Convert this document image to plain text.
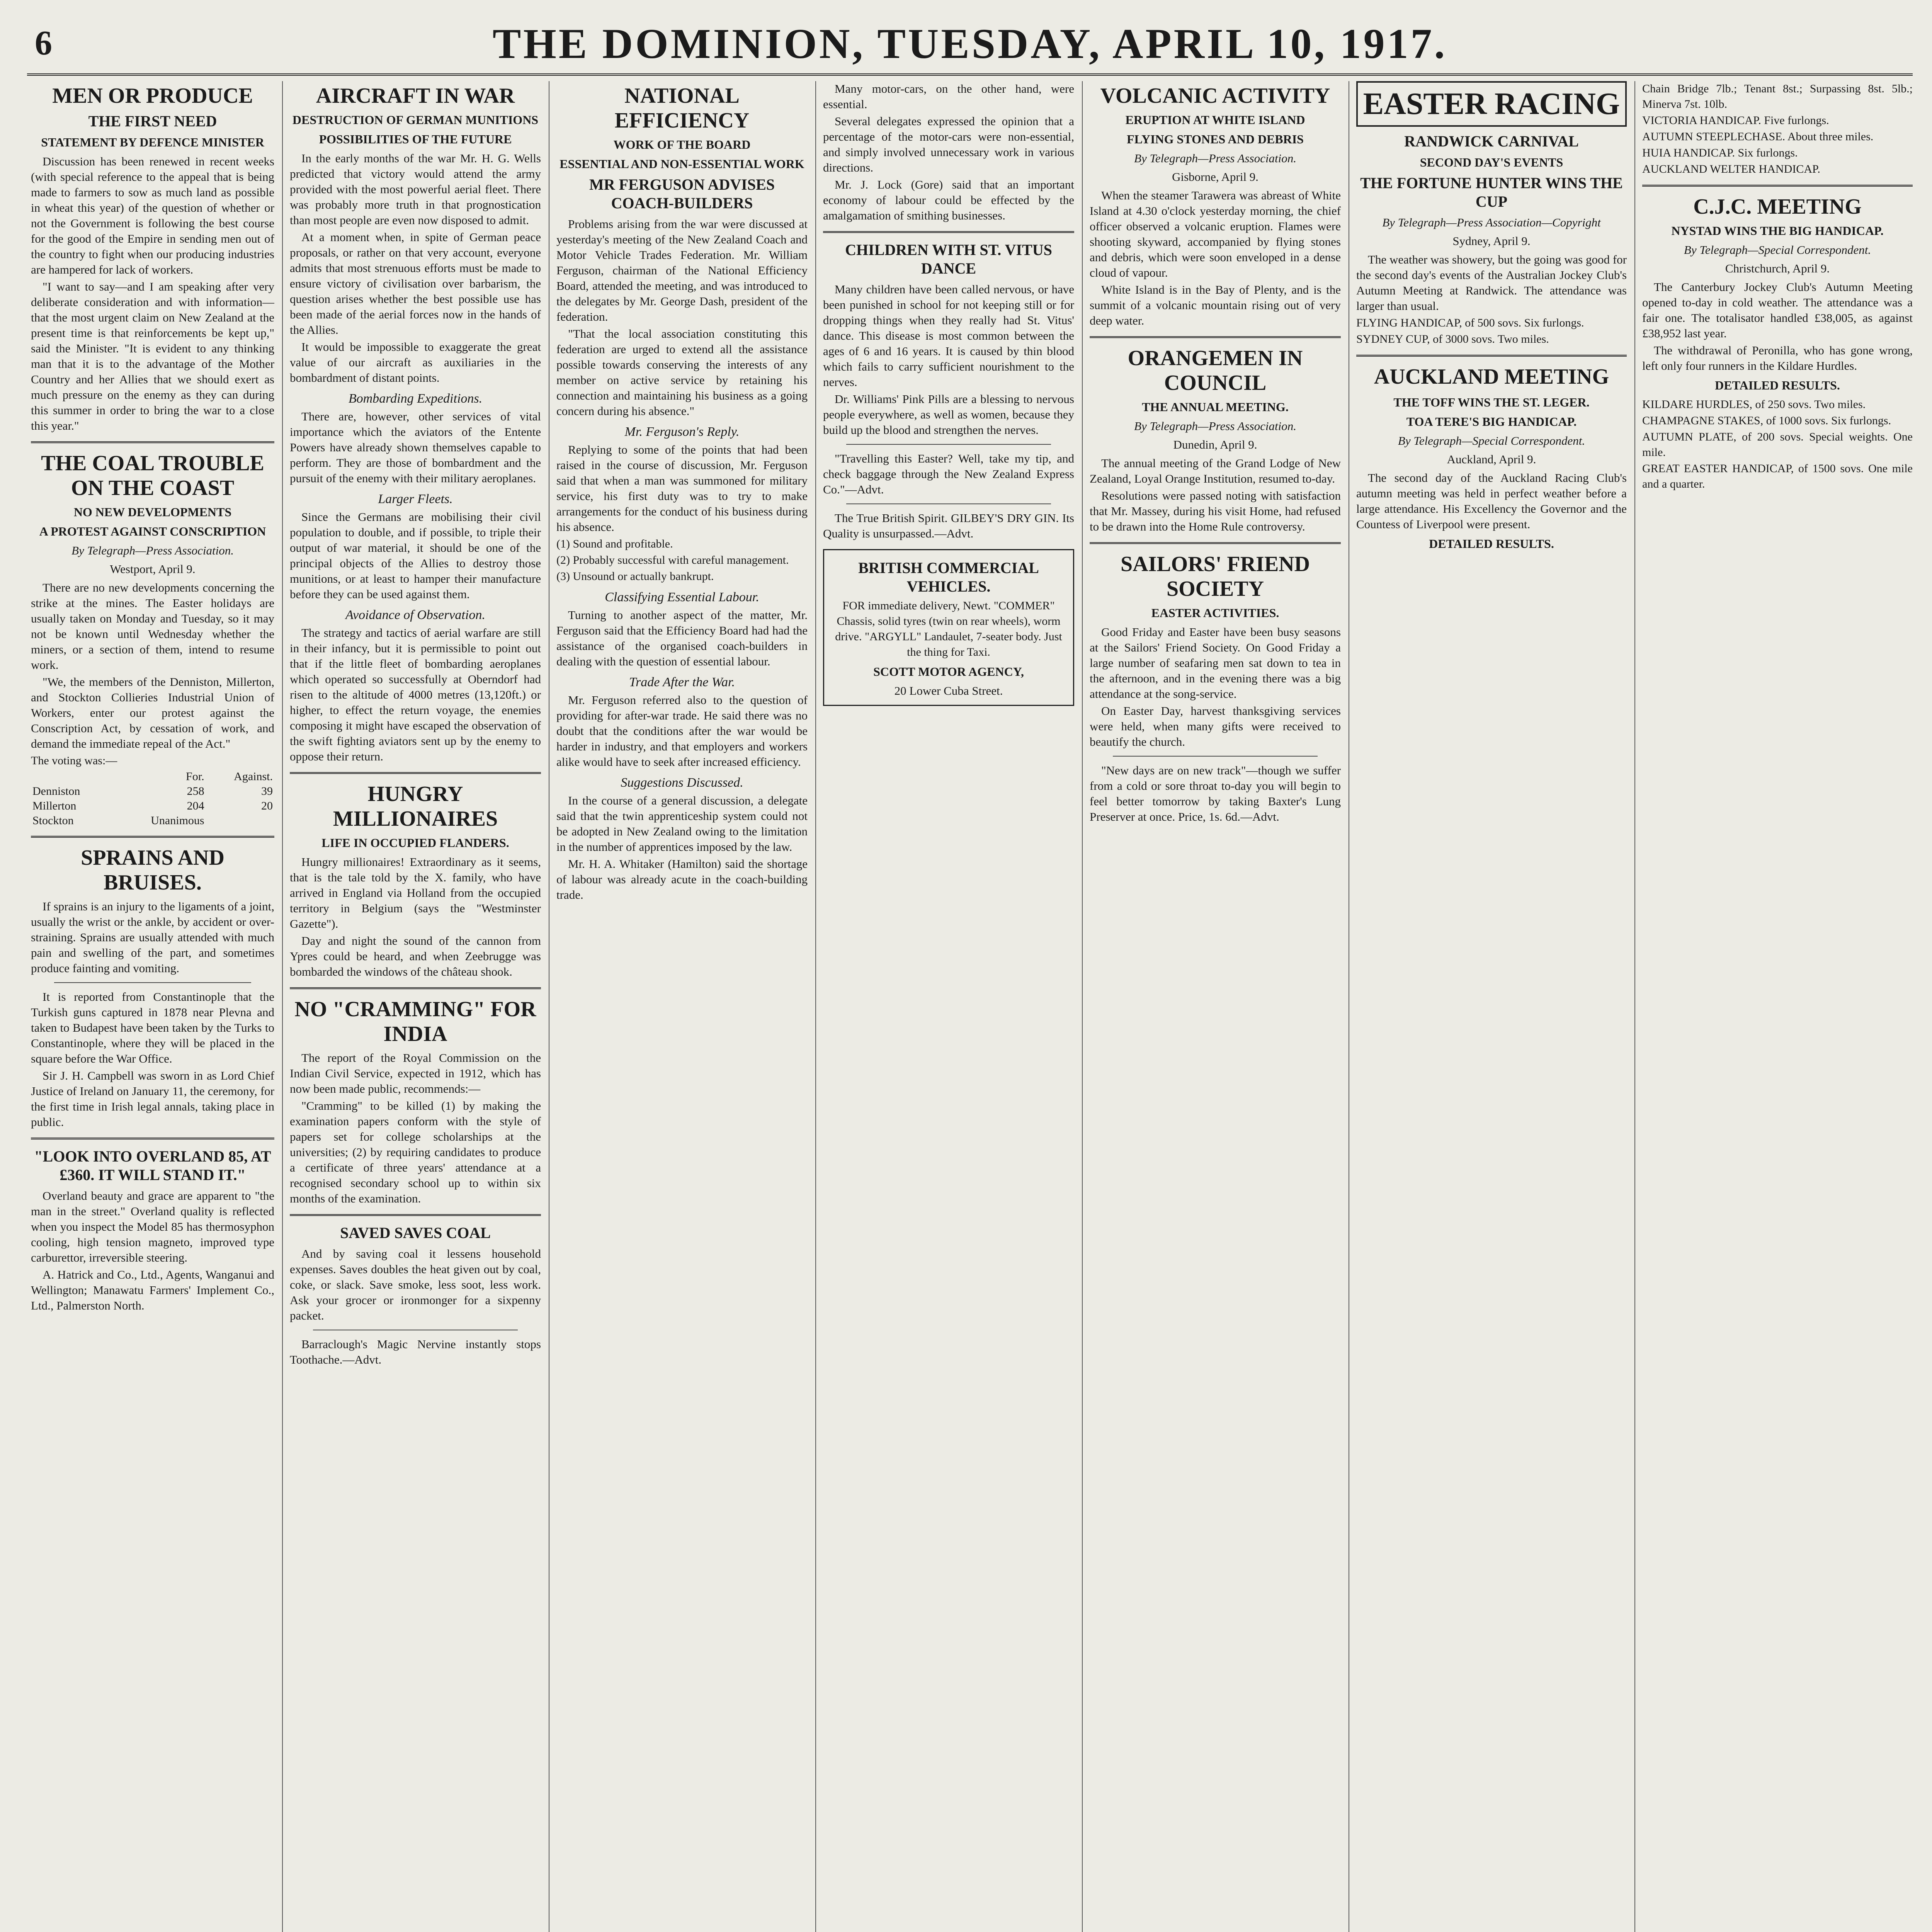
6	THE DOMINION, TUESDAY, APRIL 10, 1917.
MEN OR PRODUCE
THE FIRST NEED
STATEMENT BY DEFENCE MINISTER

Discussion has been renewed in recent weeks (with special reference to the appeal that is being made to farmers to sow as much land as possible in wheat this year) of the question of whether or not the Government is following the best course for the good of the Empire in sending men out of the country to fight when our producing industries are hampered for lack of workers.

"I want to say—and I am speaking after very deliberate consideration and with information—that the most urgent claim on New Zealand at the present time is that reinforcements be kept up," said the Minister. "It is evident to any thinking man that it is to the advantage of the Mother Country and her Allies that we should exert as much pressure on the enemy as they can during this summer in order to bring the war to a close this year."

THE COAL TROUBLE ON THE COAST
NO NEW DEVELOPMENTS
A PROTEST AGAINST CONSCRIPTION
By Telegraph—Press Association.
Westport, April 9.

There are no new developments concerning the strike at the mines. The Easter holidays are usually taken on Monday and Tuesday, so it may not be known until Wednesday whether the miners, or a section of them, intend to resume work.

"We, the members of the Denniston, Millerton, and Stockton Collieries Industrial Union of Workers, enter our protest against the Conscription Act, by cessation of work, and demand the immediate repeal of the Act."

The voting was:—

	For.	Against.
Denniston	258	39
Millerton	204	20
Stockton	Unanimous	
SPRAINS AND BRUISES.

If sprains is an injury to the ligaments of a joint, usually the wrist or the ankle, by accident or over-straining. Sprains are usually attended with much pain and swelling of the part, and sometimes produce fainting and vomiting.

It is reported from Constantinople that the Turkish guns captured in 1878 near Plevna and taken to Budapest have been taken by the Turks to Constantinople, where they will be placed in the square before the War Office.

Sir J. H. Campbell was sworn in as Lord Chief Justice of Ireland on January 11, the ceremony, for the first time in Irish legal annals, taking place in public.

"LOOK INTO OVERLAND 85, AT £360. IT WILL STAND IT."

Overland beauty and grace are apparent to "the man in the street." Overland quality is reflected when you inspect the Model 85 has thermosyphon cooling, high tension magneto, improved type carburettor, irreversible steering.

A. Hatrick and Co., Ltd., Agents, Wanganui and Wellington; Manawatu Farmers' Implement Co., Ltd., Palmerston North.

AIRCRAFT IN WAR
DESTRUCTION OF GERMAN MUNITIONS
POSSIBILITIES OF THE FUTURE

In the early months of the war Mr. H. G. Wells predicted that victory would attend the army provided with the most powerful aerial fleet. There was probably more truth in that prognostication than most people are even now disposed to admit.

At a moment when, in spite of German peace proposals, or rather on that very account, everyone admits that most strenuous efforts must be made to ensure victory of civilisation over barbarism, the question arises whether the best possible use has been made of the aerial forces now in the hands of the Allies.

It would be impossible to exaggerate the great value of our aircraft as auxiliaries in the bombardment of distant points.

Bombarding Expeditions.

There are, however, other services of vital importance which the aviators of the Entente Powers have already shown themselves capable to perform. They are those of bombardment and the pursuit of the enemy with their military aeroplanes.

Larger Fleets.

Since the Germans are mobilising their civil population to double, and if possible, to triple their output of war material, it should be one of the principal objects of the Allies to destroy those munitions, or at least to hamper their manufacture before they can be used against them.

Avoidance of Observation.

The strategy and tactics of aerial warfare are still in their infancy, but it is permissible to point out that if the little fleet of bombarding aeroplanes which operated so successfully at Oberndorf had risen to the altitude of 4000 metres (13,120ft.) or higher, to effect the return voyage, the enemies composing it might have escaped the observation of the swift fighting aviators sent up by the enemy to oppose their return.

HUNGRY MILLIONAIRES
LIFE IN OCCUPIED FLANDERS.

Hungry millionaires! Extraordinary as it seems, that is the tale told by the X. family, who have arrived in England via Holland from the occupied territory in Belgium (says the "Westminster Gazette").

Day and night the sound of the cannon from Ypres could be heard, and when Zeebrugge was bombarded the windows of the château shook.

NO "CRAMMING" FOR INDIA

The report of the Royal Commission on the Indian Civil Service, expected in 1912, which has now been made public, recommends:—

"Cramming" to be killed (1) by making the examination papers conform with the style of papers set for college scholarships at the universities; (2) by requiring candidates to produce a certificate of three years' attendance at a recognised secondary school up to within six months of the examination.

SAVED SAVES COAL

And by saving coal it lessens household expenses. Saves doubles the heat given out by coal, coke, or slack. Save smoke, less soot, less work. Ask your grocer or ironmonger for a sixpenny packet.

Barraclough's Magic Nervine instantly stops Toothache.—Advt.

NATIONAL EFFICIENCY
WORK OF THE BOARD
ESSENTIAL AND NON-ESSENTIAL WORK
MR FERGUSON ADVISES COACH-BUILDERS

Problems arising from the war were discussed at yesterday's meeting of the New Zealand Coach and Motor Vehicle Trades Federation. Mr. William Ferguson, chairman of the National Efficiency Board, attended the meeting, and was introduced to the delegates by Mr. George Dash, president of the federation.

"That the local association constituting this federation are urged to extend all the assistance possible towards conserving the interests of any member on active service by retaining his connection and maintaining his business as a going concern during his absence."

Mr. Ferguson's Reply.

Replying to some of the points that had been raised in the course of discussion, Mr. Ferguson said that when a man was summoned for military service, his first duty was to try to make arrangements for the conduct of his business during his absence.

(1) Sound and profitable.

(2) Probably successful with careful management.

(3) Unsound or actually bankrupt.

Classifying Essential Labour.

Turning to another aspect of the matter, Mr. Ferguson said that the Efficiency Board had had the assistance of the organised coach-builders in dealing with the question of essential labour.

Trade After the War.

Mr. Ferguson referred also to the question of providing for after-war trade. He said there was no doubt that the conditions after the war would be harder in industry, and that employers and workers alike would have to seek after increased efficiency.

Suggestions Discussed.

In the course of a general discussion, a delegate said that the twin apprenticeship system could not be adopted in New Zealand owing to the limitation in the number of apprentices imposed by the law.

Mr. H. A. Whitaker (Hamilton) said the shortage of labour was already acute in the coach-building trade.

Many motor-cars, on the other hand, were essential.

Several delegates expressed the opinion that a percentage of the motor-cars were non-essential, and simply involved unnecessary work in various directions.

Mr. J. Lock (Gore) said that an important economy of labour could be effected by the amalgamation of smithing businesses.

CHILDREN WITH ST. VITUS DANCE

Many children have been called nervous, or have been punished in school for not keeping still or for dropping things when they really had St. Vitus' dance. This disease is most common between the ages of 6 and 16 years. It is caused by thin blood which fails to carry sufficient nourishment to the nerves.

Dr. Williams' Pink Pills are a blessing to nervous people everywhere, as well as women, because they build up the blood and strengthen the nerves.

"Travelling this Easter? Well, take my tip, and check baggage through the New Zealand Express Co."—Advt.

The True British Spirit. GILBEY'S DRY GIN. Its Quality is unsurpassed.—Advt.

BRITISH COMMERCIAL VEHICLES.

FOR immediate delivery, Newt. "COMMER" Chassis, solid tyres (twin on rear wheels), worm drive. "ARGYLL" Landaulet, 7-seater body. Just the thing for Taxi.

SCOTT MOTOR AGENCY,
20 Lower Cuba Street.
VOLCANIC ACTIVITY
ERUPTION AT WHITE ISLAND
FLYING STONES AND DEBRIS
By Telegraph—Press Association.
Gisborne, April 9.

When the steamer Tarawera was abreast of White Island at 4.30 o'clock yesterday morning, the chief officer observed a volcanic eruption. Flames were shooting skyward, accompanied by flying stones and debris, which were soon enveloped in a dense cloud of vapour.

White Island is in the Bay of Plenty, and is the summit of a volcanic mountain rising out of very deep water.

ORANGEMEN IN COUNCIL
THE ANNUAL MEETING.
By Telegraph—Press Association.
Dunedin, April 9.

The annual meeting of the Grand Lodge of New Zealand, Loyal Orange Institution, resumed to-day.

Resolutions were passed noting with satisfaction that Mr. Massey, during his visit Home, had refused to be drawn into the Home Rule controversy.

SAILORS' FRIEND SOCIETY
EASTER ACTIVITIES.

Good Friday and Easter have been busy seasons at the Sailors' Friend Society. On Good Friday a large number of seafaring men sat down to tea in the afternoon, and in the evening there was a big attendance at the song-service.

On Easter Day, harvest thanksgiving services were held, when many gifts were received to beautify the church.

"New days are on new track"—though we suffer from a cold or sore throat to-day you will begin to feel better tomorrow by taking Baxter's Lung Preserver at once. Price, 1s. 6d.—Advt.

EASTER RACING
RANDWICK CARNIVAL
SECOND DAY'S EVENTS
THE FORTUNE HUNTER WINS THE CUP
By Telegraph—Press Association—Copyright
Sydney, April 9.

The weather was showery, but the going was good for the second day's events of the Australian Jockey Club's Autumn Meeting at Randwick. The attendance was larger than usual.

FLYING HANDICAP, of 500 sovs. Six furlongs.

SYDNEY CUP, of 3000 sovs. Two miles.

AUCKLAND MEETING
THE TOFF WINS THE ST. LEGER.
TOA TERE'S BIG HANDICAP.
By Telegraph—Special Correspondent.
Auckland, April 9.

The second day of the Auckland Racing Club's autumn meeting was held in perfect weather before a large attendance. His Excellency the Governor and the Countess of Liverpool were present.

DETAILED RESULTS.

Chain Bridge 7lb.; Tenant 8st.; Surpassing 8st. 5lb.; Minerva 7st. 10lb.

VICTORIA HANDICAP. Five furlongs.

AUTUMN STEEPLECHASE. About three miles.

HUIA HANDICAP. Six furlongs.

AUCKLAND WELTER HANDICAP.

C.J.C. MEETING
NYSTAD WINS THE BIG HANDICAP.
By Telegraph—Special Correspondent.
Christchurch, April 9.

The Canterbury Jockey Club's Autumn Meeting opened to-day in cold weather. The attendance was a fair one. The totalisator handled £38,005, as against £38,952 last year.

The withdrawal of Peronilla, who has gone wrong, left only four runners in the Kildare Hurdles.

DETAILED RESULTS.

KILDARE HURDLES, of 250 sovs. Two miles.

CHAMPAGNE STAKES, of 1000 sovs. Six furlongs.

AUTUMN PLATE, of 200 sovs. Special weights. One mile.

GREAT EASTER HANDICAP, of 1500 sovs. One mile and a quarter.
